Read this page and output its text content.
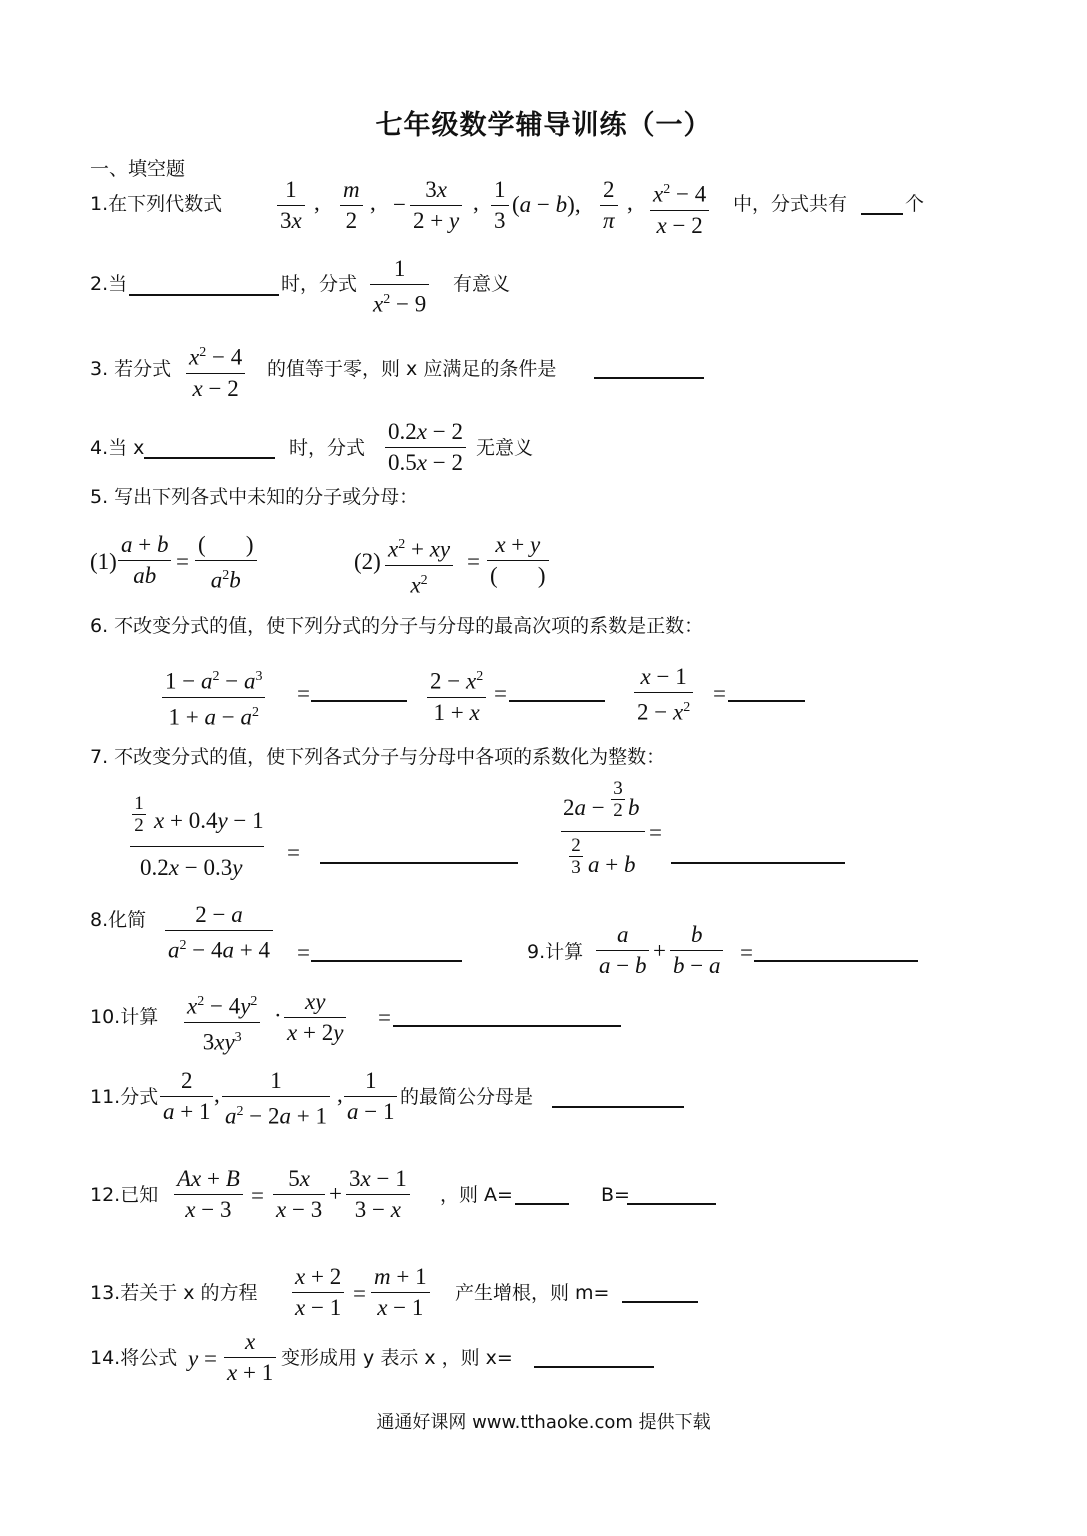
七年级数学辅导训练（一）
一、填空题
1.在下列代数式
1
3x
,
m
2
, −
3x
2 + y
,
1
3
(a − b),
2
π
, $x^2 - 4$
x − 2
中，分式共有	个
2.当	时，分式
1
$x^2 - 9$
有意义
3. 若分式 $x^2 - 4$
x − 2
的值等于零，则 x 应满足的条件是
4.当 x	时，分式
0.2x − 2
0.5x − 2
无意义
5. 写出下列各式中未知的分子或分母：
(1)
a + b
ab
=
(       )
$a^2b$
(2) $x^2$ + xy
$x^2$
=
x + y
(       )
6. 不改变分式的值，使下列分式的分子与分母的最高次项的系数是正数：
$1 - a^2 - a^3$
$1 + a - a^2$
=	$2 - x^2$
1 + x
=
x − 1
$2 - x^2$
=
7. 不改变分式的值，使下列各式分子与分母中各项的系数化为整数：
$\frac{1}{2}$ x + 0.4y − 1
0.2x − 0.3y
=
2a −
3
2 b
2
3 a + b
=
8.化简 2 − a
$a^2 - 4a + 4$ =	9.计算
a
a − b
+
b
b − a
=
10.计算 $x^2 - 4y^2$
$3xy^3$
·
xy
x + 2y
=
11.分式
2
a + 1
,
1
$a^2 - 2a + 1$
,
1
a − 1
的最简公分母是
12.已知
Ax + B
x − 3
=
5x
x − 3
+
3x − 1
3 − x
，则 A=	B=
13.若关于 x 的方程
x + 2
x − 1
=
m + 1
x − 1
产生增根，则 m=
14.将公式 y =
x
x + 1
变形成用 y 表示 x ，则 x=
通通好课网 www.tthaoke.com 提供下载
